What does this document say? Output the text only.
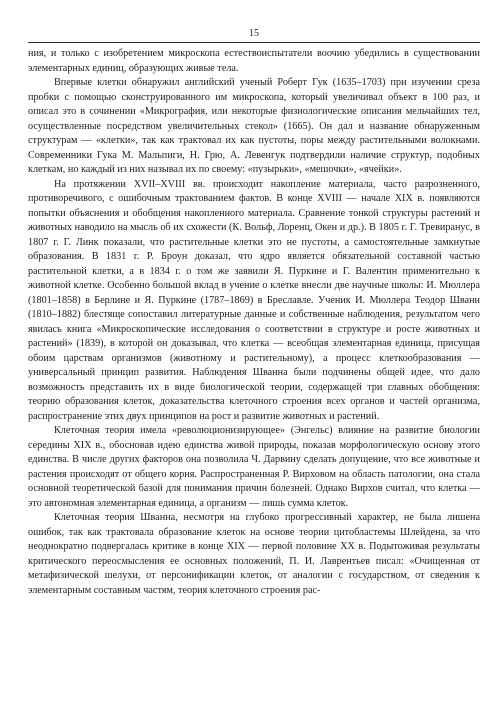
15

ния, и только с изобретением микроскопа естествоиспытатели воочию убедились в существовании элементарных единиц, образующих живые тела.

Впервые клетки обнаружил английский ученый Роберт Гук (1635–1703) при изучении среза пробки с помощью сконструированного им микроскопа, который увеличивал объект в 100 раз, и описал это в сочинении «Микрография, или некоторые физиологические описания мельчайших тел, осуществленные посредством увеличительных стекол» (1665). Он дал и название обнаруженным структурам — «клетки», так как трактовал их как пустоты, поры между растительными волокнами. Современники Гука М. Мальпиги, Н. Грю, А. Левенгук подтвердили наличие структур, подобных клеткам, но каждый из них называл их по своему: «пузырьки», «мешочки», «ячейки».

На протяжении XVII–XVIII вв. происходит накопление материала, часто разрозненного, противоречивого, с ошибочным трактованием фактов. В конце XVIII — начале XIX в. появляются попытки объяснения и обобщения накопленного материала. Сравнение тонкой структуры растений и животных наводило на мысль об их схожести (К. Вольф, Лоренц, Окен и др.). В 1805 г. Г. Тревиранус, в 1807 г. Г. Линк показали, что растительные клетки это не пустоты, а самостоятельные замкнутые образования. В 1831 г. Р. Броун доказал, что ядро является обязательной составной частью растительной клетки, а в 1834 г. о том же заявили Я. Пуркине и Г. Валентин применительно к животной клетке. Особенно большой вклад в учение о клетке внесли две научные школы: И. Мюллера (1801–1858) в Берлине и Я. Пуркине (1787–1869) в Бреславле. Ученик И. Мюллера Теодор Шванн (1810–1882) блестяще сопоставил литературные данные и собственные наблюдения, результатом чего явилась книга «Микроскопические исследования о соответствии в структуре и росте животных и растений» (1839), в которой он доказывал, что клетка — всеобщая элементарная единица, присущая обоим царствам организмов (животному и растительному), а процесс клеткообразования — универсальный принцип развития. Наблюдения Шванна были подчинены общей идее, что дало возможность представить их в виде биологической теории, содержащей три главных обобщения: теорию образования клеток, доказательства клеточного строения всех органов и частей организма, распространение этих двух принципов на рост и развитие животных и растений.

Клеточная теория имела «революционизирующее» (Энгельс) влияние на развитие биологии середины XIX в., обосновав идею единства живой природы, показав морфологическую основу этого единства. В числе других факторов она позволила Ч. Дарвину сделать допущение, что все животные и растения происходят от общего корня. Распространенная Р. Вирховом на область патологии, она стала основной теоретической базой для понимания причин болезней. Однако Вирхов считал, что клетка — это автономная элементарная единица, а организм — лишь сумма клеток.

Клеточная теория Шванна, несмотря на глубоко прогрессивный характер, не была лишена ошибок, так как трактовала образование клеток на основе теории цитобластемы Шлейдена, за что неоднократно подвергалась критике в конце XIX — первой половине XX в. Подытоживая результаты критического переосмысления ее основных положений, П. И. Лаврентьев писал: «Очищенная от метафизической шелухи, от персонификации клеток, от аналогии с государством, от сведения к элементарным составным частям, теория клеточного строения рас-
